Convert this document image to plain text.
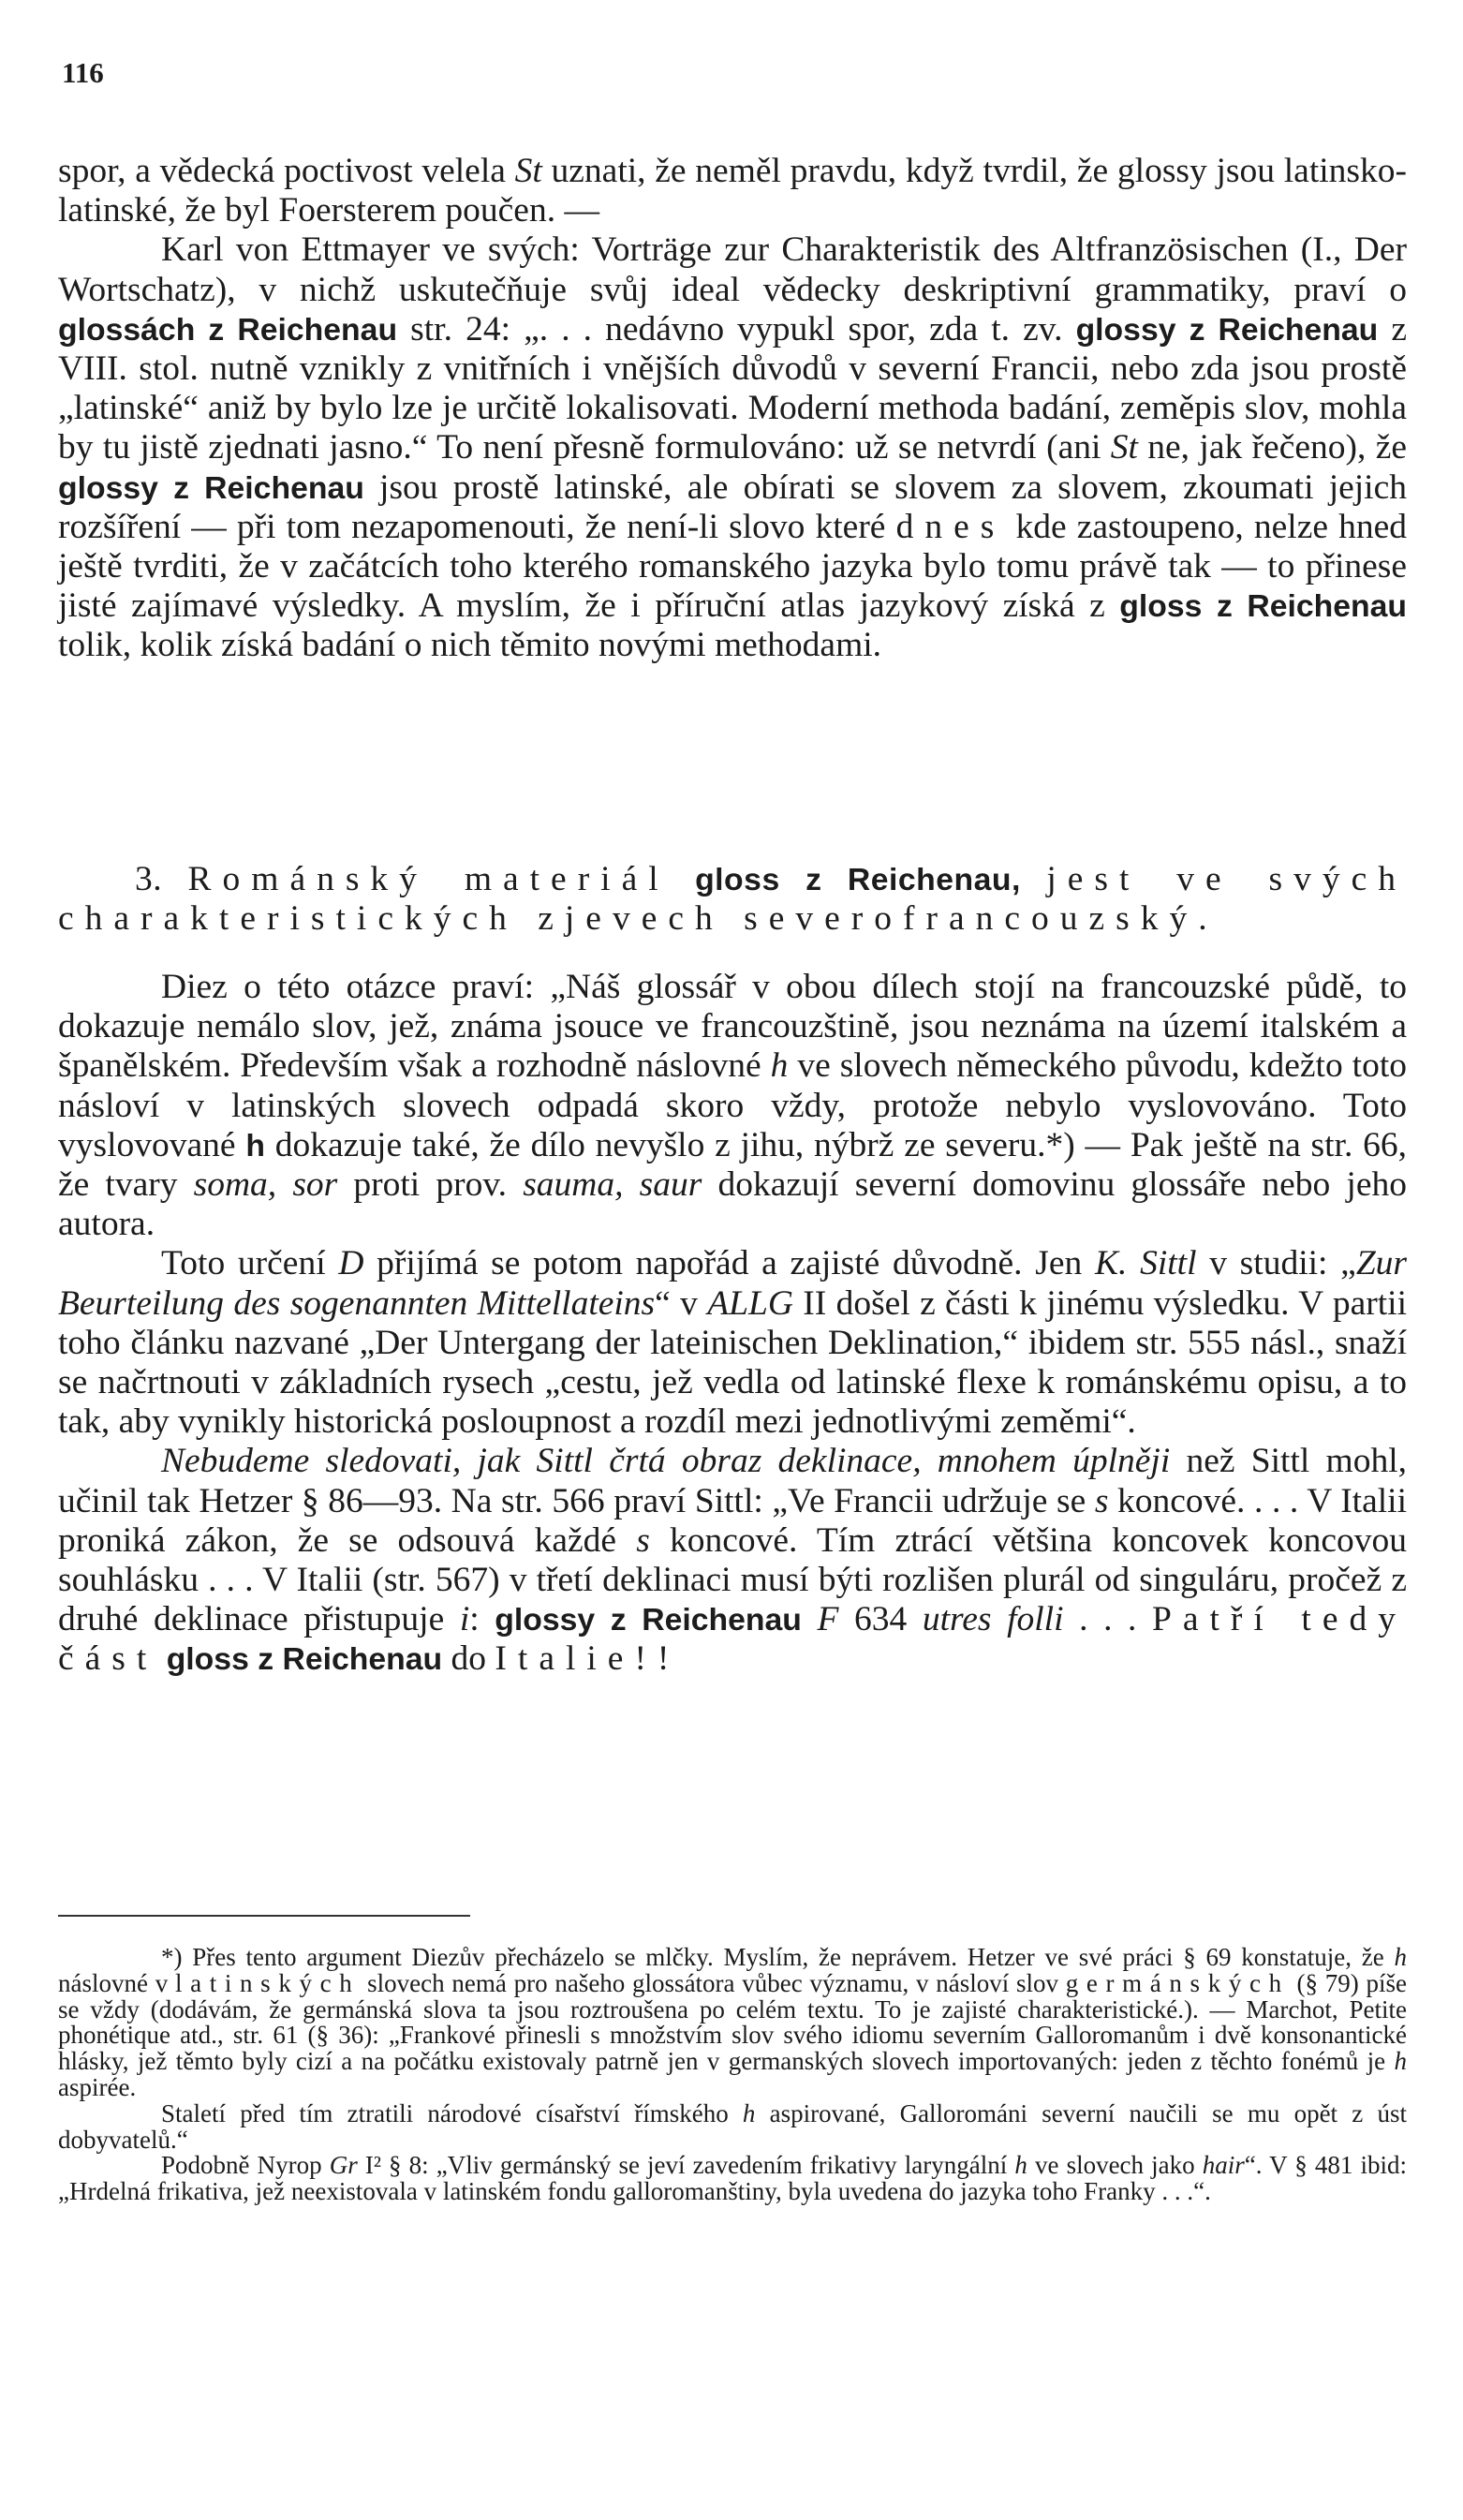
116

spor, a vědecká poctivost velela St uznati, že neměl pravdu, když tvrdil, že glossy jsou latinsko-latinské, že byl Foersterem poučen. —

Karl von Ettmayer ve svých: Vorträge zur Charakteristik des Altfranzösischen (I., Der Wortschatz), v nichž uskutečňuje svůj ideal vědecky deskriptivní grammatiky, praví o glossách z Reichenau str. 24: „. . . nedávno vypukl spor, zda t. zv. glossy z Reichenau z VIII. stol. nutně vznikly z vnitřních i vnějších důvodů v severní Francii, nebo zda jsou prostě „latinské“ aniž by bylo lze je určitě lokalisovati. Moderní methoda badání, zeměpis slov, mohla by tu jistě zjednati jasno.“ To není přesně formulováno: už se netvrdí (ani St ne, jak řečeno), že glossy z Reichenau jsou prostě latinské, ale obírati se slovem za slovem, zkoumati jejich rozšíření — při tom nezapomenouti, že není-li slovo které dnes kde zastoupeno, nelze hned ještě tvrditi, že v začátcích toho kterého romanského jazyka bylo tomu právě tak — to přinese jisté zajímavé výsledky. A myslím, že i příruční atlas jazykový získá z gloss z Reichenau tolik, kolik získá badání o nich těmito novými methodami.

3. Románský materiál gloss z Reichenau, jest ve svých charakteristických zjevech severofrancouzský.

Diez o této otázce praví: „Náš glossář v obou dílech stojí na francouzské půdě, to dokazuje nemálo slov, jež, známa jsouce ve francouzštině, jsou neznáma na území italském a španělském. Především však a rozhodně náslovné h ve slovech německého původu, kdežto toto násloví v latinských slovech odpadá skoro vždy, protože nebylo vyslovováno. Toto vyslovované h dokazuje také, že dílo nevyšlo z jihu, nýbrž ze severu.*) — Pak ještě na str. 66, že tvary soma, sor proti prov. sauma, saur dokazují severní domovinu glossáře nebo jeho autora.

Toto určení D přijímá se potom napořád a zajisté důvodně. Jen K. Sittl v studii: „Zur Beurteilung des sogenannten Mittellateins“ v ALLG II došel z části k jinému výsledku. V partii toho článku nazvané „Der Untergang der lateinischen Deklination,“ ibidem str. 555 násl., snaží se načrtnouti v základních rysech „cestu, jež vedla od latinské flexe k románskému opisu, a to tak, aby vynikly historická posloupnost a rozdíl mezi jednotlivými zeměmi“.

Nebudeme sledovati, jak Sittl črtá obraz deklinace, mnohem úplněji než Sittl mohl, učinil tak Hetzer § 86—93. Na str. 566 praví Sittl: „Ve Francii udržuje se s koncové. . . . V Italii proniká zákon, že se odsouvá každé s koncové. Tím ztrácí většina koncovek koncovou souhlásku . . . V Italii (str. 567) v třetí deklinaci musí býti rozlišen plurál od singuláru, pročež z druhé deklinace přistupuje i: glossy z Reichenau F 634 utres folli . . . Patří tedy část gloss z Reichenau do Italie!!

*) Přes tento argument Diezův přecházelo se mlčky. Myslím, že neprávem. Hetzer ve své práci § 69 konstatuje, že h náslovné v latinských slovech nemá pro našeho glossátora vůbec významu, v násloví slov germánských (§ 79) píše se vždy (dodávám, že germánská slova ta jsou roztroušena po celém textu. To je zajisté charakteristické.). — Marchot, Petite phonétique atd., str. 61 (§ 36): „Frankové přinesli s množstvím slov svého idiomu severním Galloromanům i dvě konsonantické hlásky, jež těmto byly cizí a na počátku existovaly patrně jen v germanských slovech importovaných: jeden z těchto fonémů je h aspirée.

Staletí před tím ztratili národové císařství římského h aspirované, Gallorománi severní naučili se mu opět z úst dobyvatelů.“

Podobně Nyrop Gr I² § 8: „Vliv germánský se jeví zavedením frikativy laryngální h ve slovech jako hair“. V § 481 ibid: „Hrdelná frikativa, jež neexistovala v latinském fondu galloromanštiny, byla uvedena do jazyka toho Franky . . .“.
